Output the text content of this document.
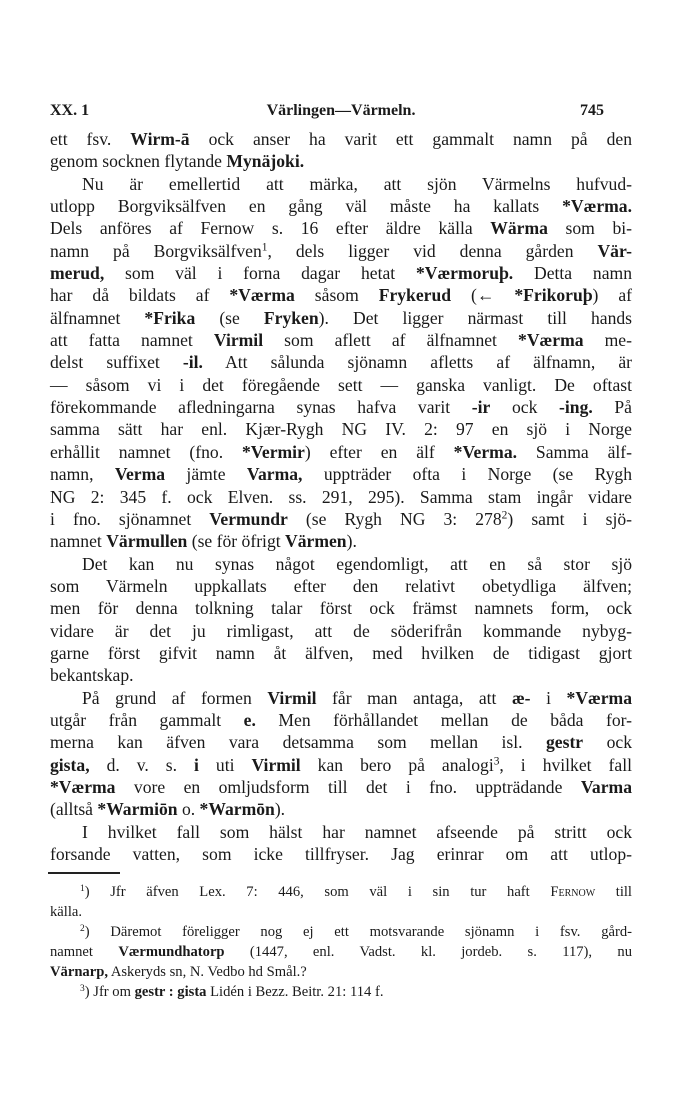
XX. 1	Värlingen—Värmeln.	745
ett fsv. Wirm-ā ock anser ha varit ett gammalt namn på den
genom socknen flytande Mynäjoki.
Nu är emellertid att märka, att sjön Värmelns hufvud-
utlopp Borgviksälfven en gång väl måste ha kallats *Værma.
Dels anföres af Fernow s. 16 efter äldre källa Wärma som bi-
namn på Borgviksälfven$^1$, dels ligger vid denna gården Vär-
merud, som väl i forna dagar hetat *Værmoruþ. Detta namn
har då bildats af *Værma såsom Frykerud (← *Frikoruþ) af
älfnamnet *Frika (se Fryken). Det ligger närmast till hands
att fatta namnet Virmil som aflett af älfnamnet *Værma me-
delst suffixet -il. Att sålunda sjönamn afletts af älfnamn, är
— såsom vi i det föregående sett — ganska vanligt. De oftast
förekommande afledningarna synas hafva varit -ir ock -ing. På
samma sätt har enl. Kjær-Rygh NG IV. 2: 97 en sjö i Norge
erhållit namnet (fno. *Vermir) efter en älf *Verma. Samma älf-
namn, Verma jämte Varma, uppträder ofta i Norge (se Rygh
NG 2: 345 f. ock Elven. ss. 291, 295). Samma stam ingår vidare
i fno. sjönamnet Vermundr (se Rygh NG 3: $278^2$) samt i sjö-
namnet Värmullen (se för öfrigt Värmen).
Det kan nu synas något egendomligt, att en så stor sjö
som Värmeln uppkallats efter den relativt obetydliga älfven;
men för denna tolkning talar först ock främst namnets form, ock
vidare är det ju rimligast, att de söderifrån kommande nybyg-
garne först gifvit namn åt älfven, med hvilken de tidigast gjort
bekantskap.
På grund af formen Virmil får man antaga, att æ- i *Værma
utgår från gammalt e. Men förhållandet mellan de båda for-
merna kan äfven vara detsamma som mellan isl. gestr ock
gista, d. v. s. i uti Virmil kan bero på analogi$^3$, i hvilket fall
*Værma vore en omljudsform till det i fno. uppträdande Varma
(alltså *Warmiōn o. *Warmōn).
I hvilket fall som hälst har namnet afseende på stritt ock
forsande vatten, som icke tillfryser. Jag erinrar om att utlop-
$^1$) Jfr äfven Lex. 7: 446, som väl i sin tur haft Fernow till
källa.
$^2$) Däremot föreligger nog ej ett motsvarande sjönamn i fsv. gård-
namnet Værmundhatorp (1447, enl. Vadst. kl. jordeb. s. 117), nu
Värnarp, Askeryds sn, N. Vedbo hd Smål.?
$^3$) Jfr om gestr : gista Lidén i Bezz. Beitr. 21: 114 f.
